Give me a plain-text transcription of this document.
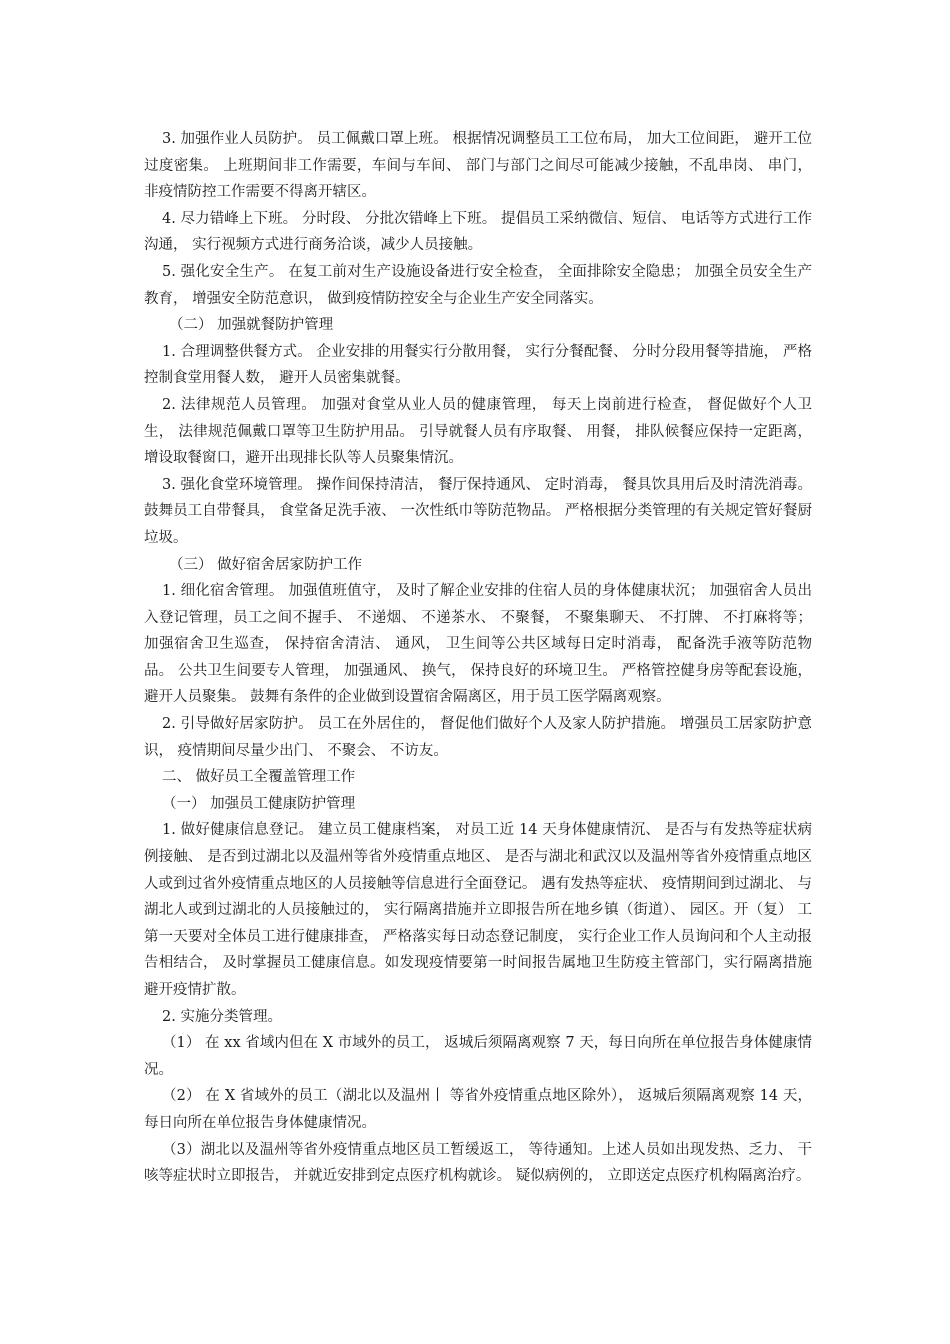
3. 加强作业人员防护。 员工佩戴口罩上班。 根据情况调整员工工位布局， 加大工位间距， 避开工位过度密集。 上班期间非工作需要，车间与车间、 部门与部门之间尽可能减少接触，不乱串岗、 串门， 非疫情防控工作需要不得离开辖区。

4. 尽力错峰上下班。 分时段、 分批次错峰上下班。 提倡员工采纳微信、短信、 电话等方式进行工作沟通， 实行视频方式进行商务洽谈，减少人员接触。

5. 强化安全生产。 在复工前对生产设施设备进行安全检查， 全面排除安全隐患； 加强全员安全生产教育， 增强安全防范意识， 做到疫情防控安全与企业生产安全同落实。

（二） 加强就餐防护管理

1. 合理调整供餐方式。 企业安排的用餐实行分散用餐， 实行分餐配餐、 分时分段用餐等措施， 严格控制食堂用餐人数， 避开人员密集就餐。

2. 法律规范人员管理。 加强对食堂从业人员的健康管理， 每天上岗前进行检查， 督促做好个人卫生， 法律规范佩戴口罩等卫生防护用品。 引导就餐人员有序取餐、 用餐， 排队候餐应保持一定距离， 增设取餐窗口，避开出现排长队等人员聚集情沉。

3. 强化食堂环境管理。 操作间保持清洁， 餐厅保持通风、 定时消毒， 餐具饮具用后及时清洗消毒。 鼓舞员工自带餐具， 食堂备足洗手液、 一次性纸巾等防范物品。 严格根据分类管理的有关规定管好餐厨垃圾。

（三） 做好宿舍居家防护工作

1. 细化宿舍管理。 加强值班值守， 及时了解企业安排的住宿人员的身体健康状沉； 加强宿舍人员出入登记管理，员工之间不握手、 不递烟、 不递茶水、 不聚餐， 不聚集聊天、 不打牌、 不打麻将等； 加强宿舍卫生巡查， 保持宿舍清洁、 通风， 卫生间等公共区域每日定时消毒， 配备洗手液等防范物品。 公共卫生间要专人管理， 加强通风、 换气， 保持良好的环境卫生。 严格管控健身房等配套设施， 避开人员聚集。 鼓舞有条件的企业做到设置宿舍隔离区，用于员工医学隔离观察。

2. 引导做好居家防护。 员工在外居住的， 督促他们做好个人及家人防护措施。 增强员工居家防护意识， 疫情期间尽量少出门、 不聚会、 不访友。

二、 做好员工全覆盖管理工作

（一） 加强员工健康防护管理

1. 做好健康信息登记。 建立员工健康档案， 对员工近 14 天身体健康情沉、 是否与有发热等症状病例接触、 是否到过湖北以及温州等省外疫情重点地区、 是否与湖北和武汉以及温州等省外疫情重点地区人或到过省外疫情重点地区的人员接触等信息进行全面登记。 遇有发热等症状、 疫情期间到过湖北、 与湖北人或到过湖北的人员接触过的， 实行隔离措施并立即报告所在地乡镇（街道）、 园区。开（复） 工第一天要对全体员工进行健康排查， 严格落实每日动态登记制度， 实行企业工作人员询问和个人主动报告相结合， 及时掌握员工健康信息。如发现疫情要第一时间报告属地卫生防疫主管部门，实行隔离措施避开疫情扩散。

2. 实施分类管理。

（1） 在 xx 省域内但在 X 市域外的员工， 返城后须隔离观察 7 天，每日向所在单位报告身体健康情况。

（2） 在 X 省域外的员工（湖北以及温州丨 等省外疫情重点地区除外）， 返城后须隔离观察 14 天， 每日向所在单位报告身体健康情况。

（3）湖北以及温州等省外疫情重点地区员工暂缓返工， 等待通知。上述人员如出现发热、乏力、 干咳等症状时立即报告， 并就近安排到定点医疗机构就诊。 疑似病例的， 立即送定点医疗机构隔离治疗。
